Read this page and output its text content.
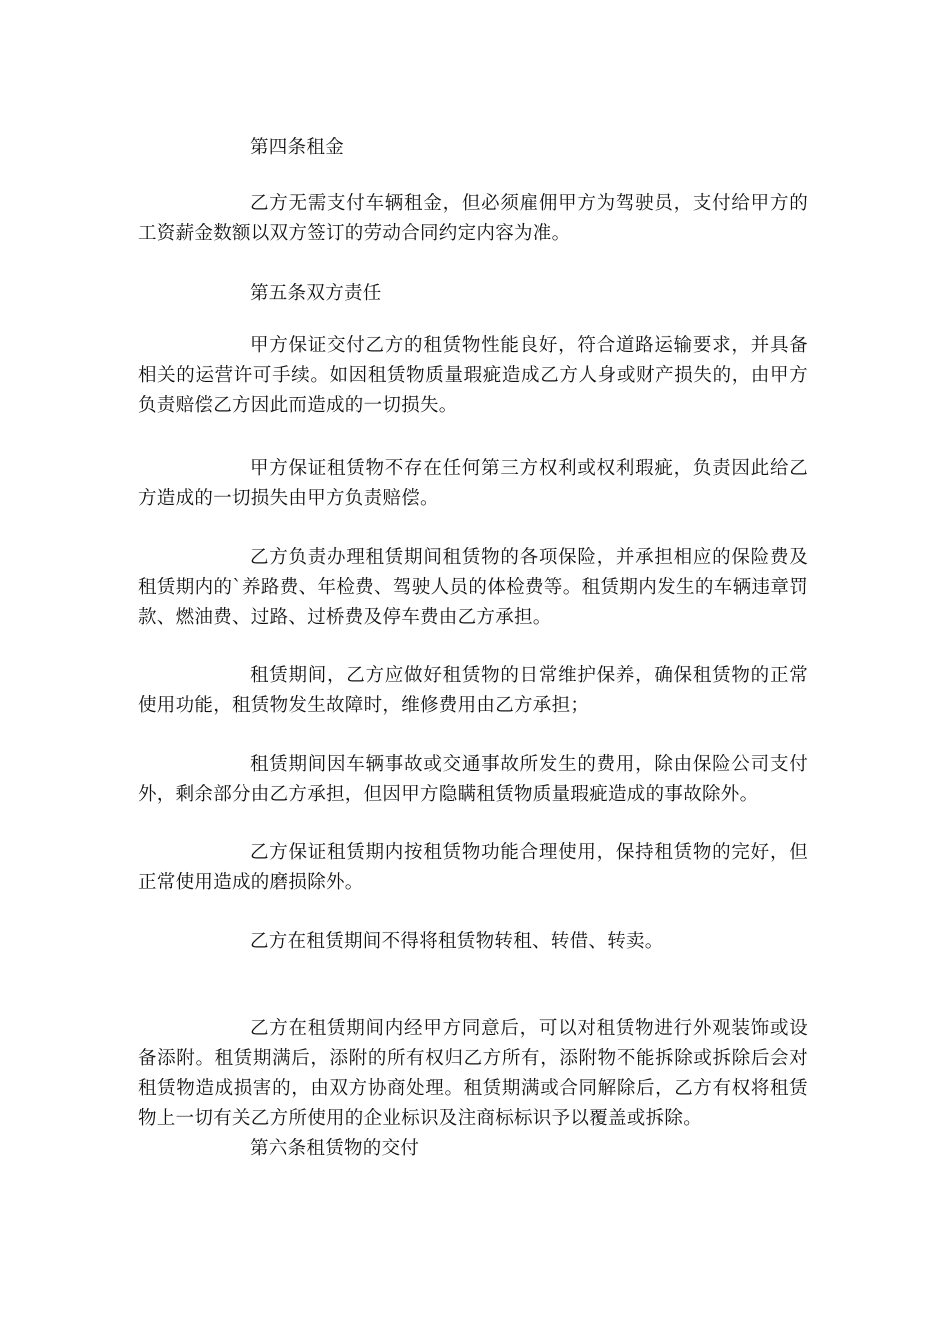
第四条租金

乙方无需支付车辆租金，但必须雇佣甲方为驾驶员，支付给甲方的工资薪金数额以双方签订的劳动合同约定内容为准。

第五条双方责任

甲方保证交付乙方的租赁物性能良好，符合道路运输要求，并具备相关的运营许可手续。如因租赁物质量瑕疵造成乙方人身或财产损失的，由甲方负责赔偿乙方因此而造成的一切损失。

甲方保证租赁物不存在任何第三方权利或权利瑕疵，负责因此给乙方造成的一切损失由甲方负责赔偿。

乙方负责办理租赁期间租赁物的各项保险，并承担相应的保险费及租赁期内的`养路费、年检费、驾驶人员的体检费等。租赁期内发生的车辆违章罚款、燃油费、过路、过桥费及停车费由乙方承担。

租赁期间，乙方应做好租赁物的日常维护保养，确保租赁物的正常使用功能，租赁物发生故障时，维修费用由乙方承担；

租赁期间因车辆事故或交通事故所发生的费用，除由保险公司支付外，剩余部分由乙方承担，但因甲方隐瞒租赁物质量瑕疵造成的事故除外。

乙方保证租赁期内按租赁物功能合理使用，保持租赁物的完好，但正常使用造成的磨损除外。

乙方在租赁期间不得将租赁物转租、转借、转卖。

乙方在租赁期间内经甲方同意后，可以对租赁物进行外观装饰或设备添附。租赁期满后，添附的所有权归乙方所有，添附物不能拆除或拆除后会对租赁物造成损害的，由双方协商处理。租赁期满或合同解除后，乙方有权将租赁物上一切有关乙方所使用的企业标识及注商标标识予以覆盖或拆除。

第六条租赁物的交付
